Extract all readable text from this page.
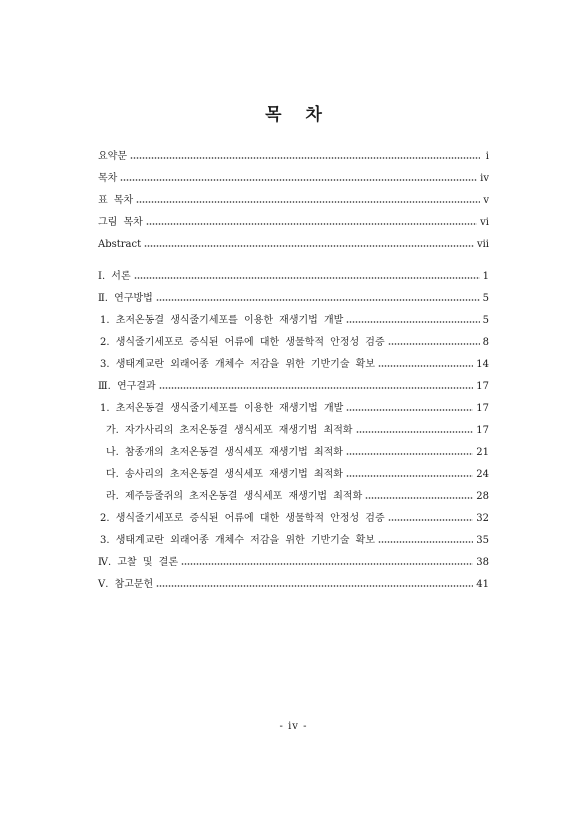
목 차
요약문	i
목차	iv
표 목차	v
그림 목차	vi
Abstract	vii
Ⅰ. 서론	1
Ⅱ. 연구방법	5
1. 초저온동결 생식줄기세포를 이용한 재생기법 개발	5
2. 생식줄기세포로 증식된 어류에 대한 생물학적 안정성 검증	8
3. 생태계교란 외래어종 개체수 저감을 위한 기반기술 확보	14
Ⅲ. 연구결과	17
1. 초저온동결 생식줄기세포를 이용한 재생기법 개발	17
가. 자가사리의 초저온동결 생식세포 재생기법 최적화	17
나. 참종개의 초저온동결 생식세포 재생기법 최적화	21
다. 송사리의 초저온동결 생식세포 재생기법 최적화	24
라. 제주등줄쥐의 초저온동결 생식세포 재생기법 최적화	28
2. 생식줄기세포로 증식된 어류에 대한 생물학적 안정성 검증	32
3. 생태계교란 외래어종 개체수 저감을 위한 기반기술 확보	35
Ⅳ. 고찰 및 결론	38
Ⅴ. 참고문헌	41
- iv -
